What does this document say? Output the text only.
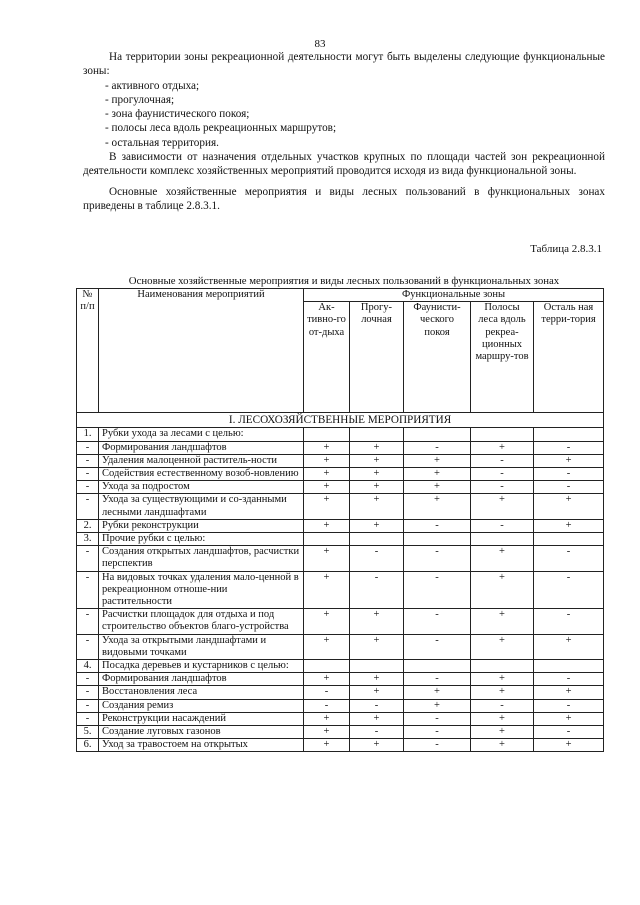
83

На территории зоны рекреационной деятельности могут быть выделены следующие функциональные зоны:

- активного отдыха;

- прогулочная;

- зона фаунистического покоя;

- полосы леса вдоль рекреационных маршрутов;

- остальная территория.

В зависимости от назначения отдельных участков крупных по площади частей зон рекреационной деятельности комплекс хозяйственных мероприятий проводится исходя из вида функциональной зоны.

Основные хозяйственные мероприятия и виды лесных пользований в функциональных зонах приведены в таблице 2.8.3.1.

Таблица 2.8.3.1
Основные хозяйственные мероприятия и виды лесных пользований в функциональных зонах
№ п/п	Наименования мероприятий	Функциональные зоны				
		Ак-тивно-го от-дыха	Прогу-лочная	Фаунисти-ческого покоя	Полосы леса вдоль рекреа-ционных маршру-тов	Осталь ная терри-тория
I. ЛЕСОХОЗЯЙСТВЕННЫЕ МЕРОПРИЯТИЯ						
1.	Рубки ухода за лесами с целью:					
-	Формирования ландшафтов	+	+	-	+	-
-	Удаления малоценной раститель-ности	+	+	+	-	+
-	Содействия естественному возоб-новлению	+	+	+	-	-
-	Ухода за подростом	+	+	+	-	-
-	Ухода за существующими и со-зданными лесными ландшафтами	+	+	+	+	+
2.	Рубки реконструкции	+	+	-	-	+
3.	Прочие рубки с целью:					
-	Создания открытых ландшафтов, расчистки перспектив	+	-	-	+	-
-	На видовых точках удаления мало-ценной в рекреационном отноше-нии растительности	+	-	-	+	-
-	Расчистки площадок для отдыха и под строительство объектов благо-устройства	+	+	-	+	-
-	Ухода за открытыми ландшафтами и видовыми точками	+	+	-	+	+
4.	Посадка деревьев и кустарников с целью:					
-	Формирования ландшафтов	+	+	-	+	-
-	Восстановления леса	-	+	+	+	+
-	Создания ремиз	-	-	+	-	-
-	Реконструкции насаждений	+	+	-	+	+
5.	Создание луговых газонов	+	-	-	+	-
6.	Уход за травостоем на открытых	+	+	-	+	+
